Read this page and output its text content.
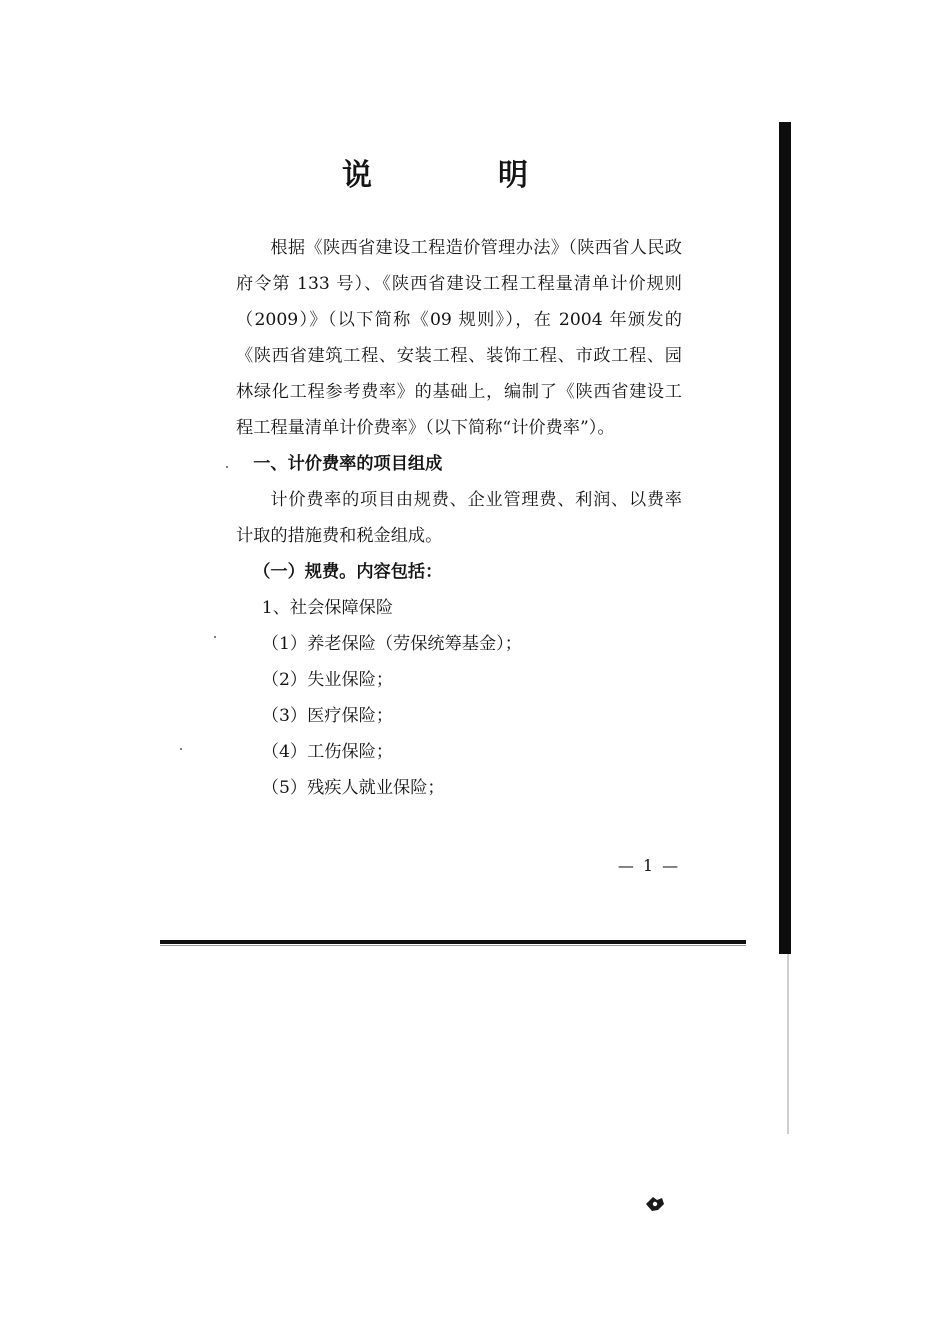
说　明

根据《陕西省建设工程造价管理办法》（陕西省人民政府令第 133 号）、《陕西省建设工程工程量清单计价规则（2009）》（以下简称《09 规则》），在 2004 年颁发的《陕西省建筑工程、安装工程、装饰工程、市政工程、园林绿化工程参考费率》的基础上，编制了《陕西省建设工程工程量清单计价费率》（以下简称“计价费率”）。

一、计价费率的项目组成

计价费率的项目由规费、企业管理费、利润、以费率计取的措施费和税金组成。

（一）规费。内容包括：

1、社会保障保险

（1）养老保险（劳保统筹基金）；

（2）失业保险；

（3）医疗保险；

（4）工伤保险；

（5）残疾人就业保险；

— 1 —
